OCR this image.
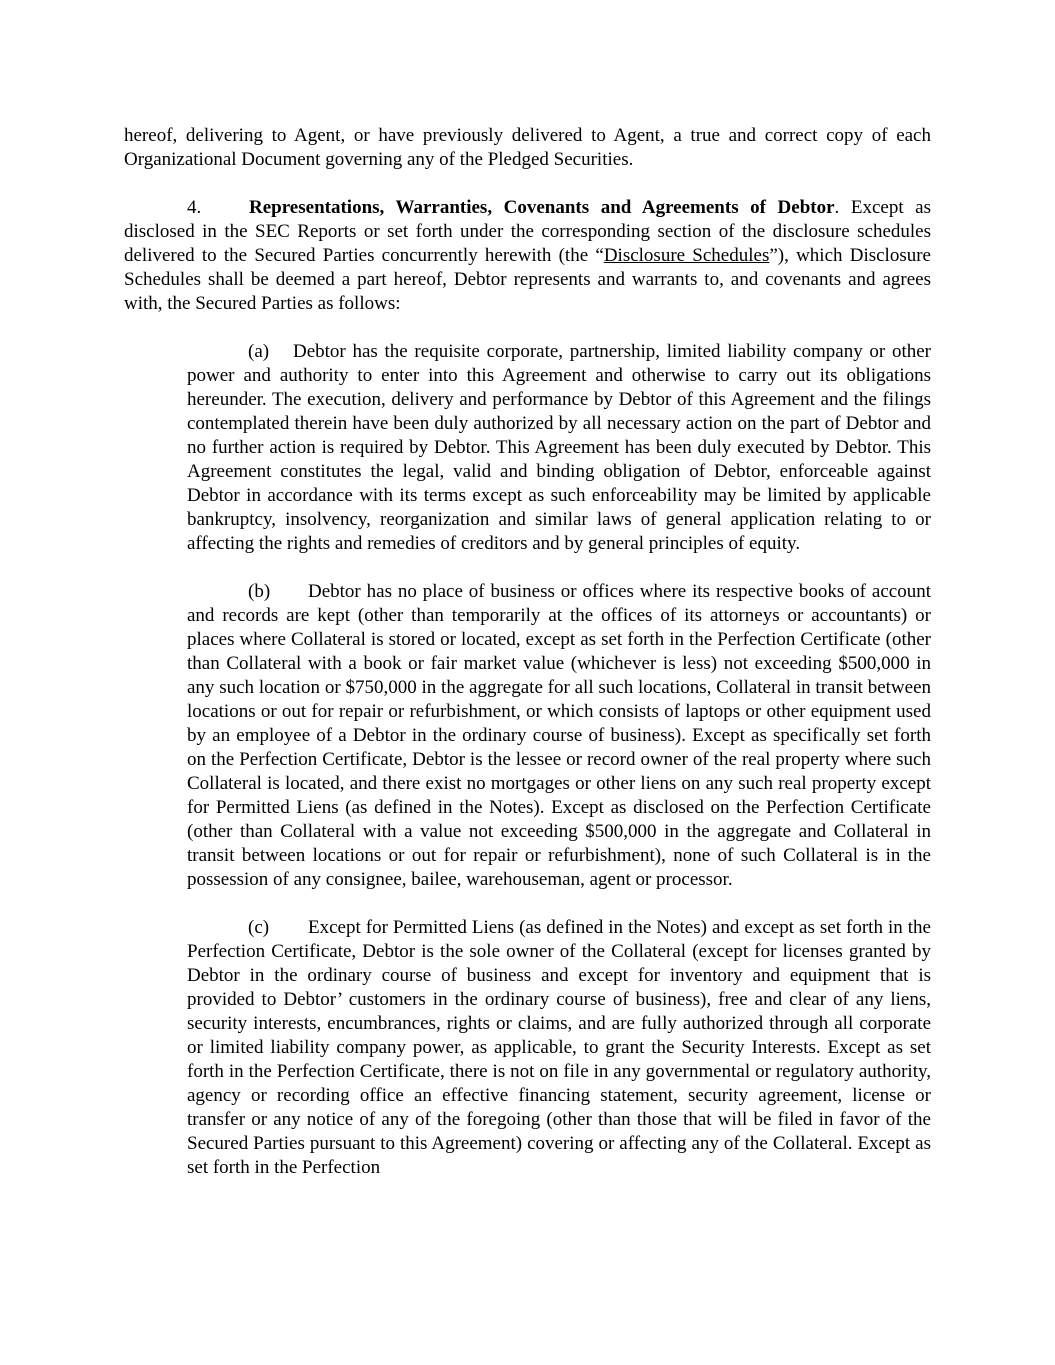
hereof, delivering to Agent, or have previously delivered to Agent, a true and correct copy of each Organizational Document governing any of the Pledged Securities.

4.	Representations, Warranties, Covenants and Agreements of Debtor. Except as disclosed in the SEC Reports or set forth under the corresponding section of the disclosure schedules delivered to the Secured Parties concurrently herewith (the “Disclosure Schedules”), which Disclosure Schedules shall be deemed a part hereof, Debtor represents and warrants to, and covenants and agrees with, the Secured Parties as follows:

(a) Debtor has the requisite corporate, partnership, limited liability company or other power and authority to enter into this Agreement and otherwise to carry out its obligations hereunder. The execution, delivery and performance by Debtor of this Agreement and the filings contemplated therein have been duly authorized by all necessary action on the part of Debtor and no further action is required by Debtor. This Agreement has been duly executed by Debtor. This Agreement constitutes the legal, valid and binding obligation of Debtor, enforceable against Debtor in accordance with its terms except as such enforceability may be limited by applicable bankruptcy, insolvency, reorganization and similar laws of general application relating to or affecting the rights and remedies of creditors and by general principles of equity.

(b) Debtor has no place of business or offices where its respective books of account and records are kept (other than temporarily at the offices of its attorneys or accountants) or places where Collateral is stored or located, except as set forth in the Perfection Certificate (other than Collateral with a book or fair market value (whichever is less) not exceeding $500,000 in any such location or $750,000 in the aggregate for all such locations, Collateral in transit between locations or out for repair or refurbishment, or which consists of laptops or other equipment used by an employee of a Debtor in the ordinary course of business). Except as specifically set forth on the Perfection Certificate, Debtor is the lessee or record owner of the real property where such Collateral is located, and there exist no mortgages or other liens on any such real property except for Permitted Liens (as defined in the Notes). Except as disclosed on the Perfection Certificate (other than Collateral with a value not exceeding $500,000 in the aggregate and Collateral in transit between locations or out for repair or refurbishment), none of such Collateral is in the possession of any consignee, bailee, warehouseman, agent or processor.

(c) Except for Permitted Liens (as defined in the Notes) and except as set forth in the Perfection Certificate, Debtor is the sole owner of the Collateral (except for licenses granted by Debtor in the ordinary course of business and except for inventory and equipment that is provided to Debtor’ customers in the ordinary course of business), free and clear of any liens, security interests, encumbrances, rights or claims, and are fully authorized through all corporate or limited liability company power, as applicable, to grant the Security Interests. Except as set forth in the Perfection Certificate, there is not on file in any governmental or regulatory authority, agency or recording office an effective financing statement, security agreement, license or transfer or any notice of any of the foregoing (other than those that will be filed in favor of the Secured Parties pursuant to this Agreement) covering or affecting any of the Collateral. Except as set forth in the Perfection
